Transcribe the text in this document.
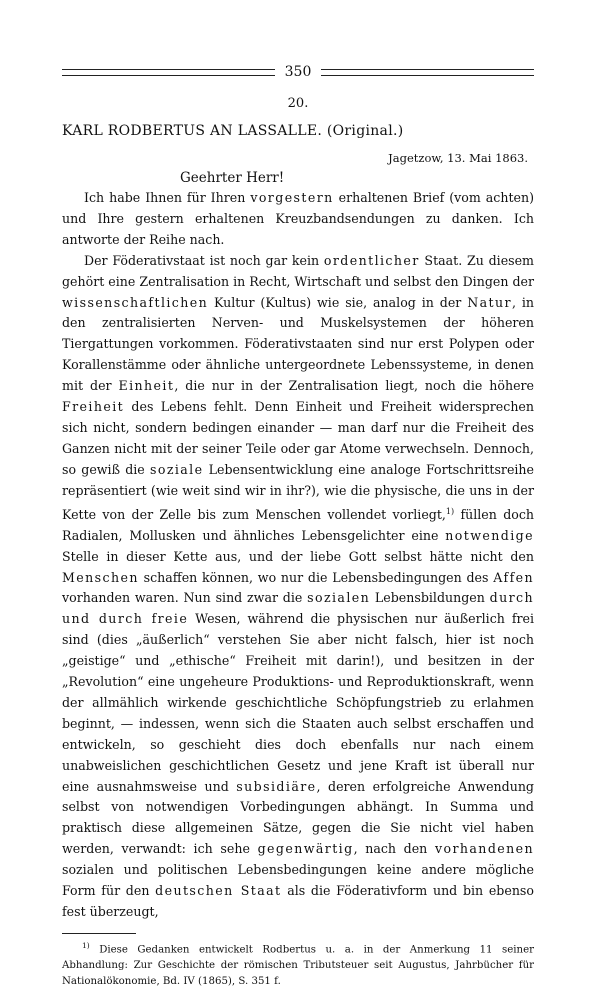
350
20.
KARL RODBERTUS AN LASSALLE. (Original.)
Jagetzow, 13. Mai 1863.
Geehrter Herr!

Ich habe Ihnen für Ihren vorgestern erhaltenen Brief (vom achten) und Ihre gestern erhaltenen Kreuzbandsendungen zu danken. Ich antworte der Reihe nach.

Der Föderativstaat ist noch gar kein ordentlicher Staat. Zu diesem gehört eine Zentralisation in Recht, Wirtschaft und selbst den Dingen der wissenschaftlichen Kultur (Kultus) wie sie, analog in der Natur, in den zentralisierten Nerven- und Muskelsystemen der höheren Tiergattungen vorkommen. Föderativstaaten sind nur erst Polypen oder Korallenstämme oder ähnliche untergeordnete Lebenssysteme, in denen mit der Einheit, die nur in der Zentralisation liegt, noch die höhere Freiheit des Lebens fehlt. Denn Einheit und Freiheit widersprechen sich nicht, sondern bedingen einander — man darf nur die Freiheit des Ganzen nicht mit der seiner Teile oder gar Atome verwechseln. Dennoch, so gewiß die soziale Lebensentwicklung eine analoge Fortschrittsreihe repräsentiert (wie weit sind wir in ihr?), wie die physische, die uns in der Kette von der Zelle bis zum Menschen vollendet vorliegt,$^{1)}$ füllen doch Radialen, Mollusken und ähnliches Lebensgelichter eine notwendige Stelle in dieser Kette aus, und der liebe Gott selbst hätte nicht den Menschen schaffen können, wo nur die Lebensbedingungen des Affen vorhanden waren. Nun sind zwar die sozialen Lebensbildungen durch und durch freie Wesen, während die physischen nur äußerlich frei sind (dies „äußerlich“ verstehen Sie aber nicht falsch, hier ist noch „geistige“ und „ethische“ Freiheit mit darin!), und besitzen in der „Revolution“ eine ungeheure Produktions- und Reproduktionskraft, wenn der allmählich wirkende geschichtliche Schöpfungstrieb zu erlahmen beginnt, — indessen, wenn sich die Staaten auch selbst erschaffen und entwickeln, so geschieht dies doch ebenfalls nur nach einem unabweislichen geschichtlichen Gesetz und jene Kraft ist überall nur eine ausnahmsweise und subsidiäre, deren erfolgreiche Anwendung selbst von notwendigen Vorbedingungen abhängt. In Summa und praktisch diese allgemeinen Sätze, gegen die Sie nicht viel haben werden, verwandt: ich sehe gegenwärtig, nach den vorhandenen sozialen und politischen Lebensbedingungen keine andere mögliche Form für den deutschen Staat als die Föderativform und bin ebenso fest überzeugt,

$^{1)}$ Diese Gedanken entwickelt Rodbertus u. a. in der Anmerkung 11 seiner Abhandlung: Zur Geschichte der römischen Tributsteuer seit Augustus, Jahrbücher für Nationalökonomie, Bd. IV (1865), S. 351 f.
